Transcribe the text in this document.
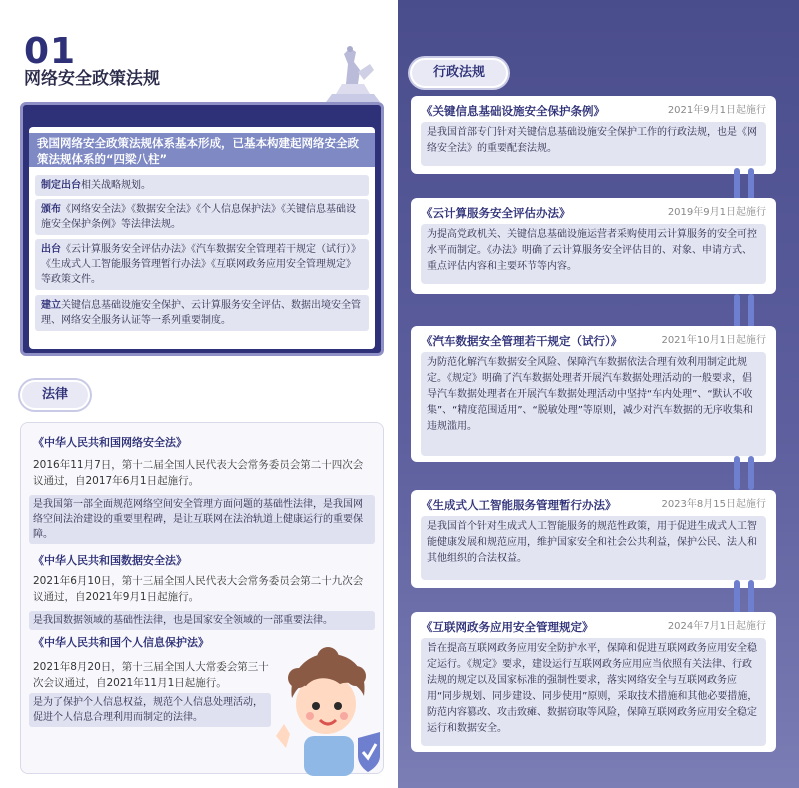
01
网络安全政策法规
我国网络安全政策法规体系基本形成，已基本构建起网络安全政策法规体系的“四梁八柱”
制定出台相关战略规划。
颁布《网络安全法》《数据安全法》《个人信息保护法》《关键信息基础设施安全保护条例》等法律法规。
出台《云计算服务安全评估办法》《汽车数据安全管理若干规定（试行）》《生成式人工智能服务管理暂行办法》《互联网政务应用安全管理规定》等政策文件。
建立关键信息基础设施安全保护、云计算服务安全评估、数据出境安全管理、网络安全服务认证等一系列重要制度。
法律
《中华人民共和国网络安全法》
2016年11月7日，第十二届全国人民代表大会常务委员会第二十四次会议通过，自2017年6月1日起施行。
是我国第一部全面规范网络空间安全管理方面问题的基础性法律，是我国网络空间法治建设的重要里程碑，是让互联网在法治轨道上健康运行的重要保障。
《中华人民共和国数据安全法》
2021年6月10日，第十三届全国人民代表大会常务委员会第二十九次会议通过，自2021年9月1日起施行。
是我国数据领域的基础性法律，也是国家安全领域的一部重要法律。
《中华人民共和国个人信息保护法》
2021年8月20日，第十三届全国人大常委会第三十次会议通过，自2021年11月1日起施行。
是为了保护个人信息权益，规范个人信息处理活动，促进个人信息合理利用而制定的法律。
行政法规
《关键信息基础设施安全保护条例》	2021年9月1日起施行
是我国首部专门针对关键信息基础设施安全保护工作的行政法规，也是《网络安全法》的重要配套法规。
《云计算服务安全评估办法》	2019年9月1日起施行
为提高党政机关、关键信息基础设施运营者采购使用云计算服务的安全可控水平而制定。《办法》明确了云计算服务安全评估目的、对象、申请方式、重点评估内容和主要环节等内容。
《汽车数据安全管理若干规定（试行）》	2021年10月1日起施行
为防范化解汽车数据安全风险、保障汽车数据依法合理有效利用制定此规定。《规定》明确了汽车数据处理者开展汽车数据处理活动的一般要求，倡导汽车数据处理者在开展汽车数据处理活动中坚持“车内处理”、“默认不收集”、“精度范围适用”、“脱敏处理”等原则，减少对汽车数据的无序收集和违规滥用。
《生成式人工智能服务管理暂行办法》	2023年8月15日起施行
是我国首个针对生成式人工智能服务的规范性政策，用于促进生成式人工智能健康发展和规范应用，维护国家安全和社会公共利益，保护公民、法人和其他组织的合法权益。
《互联网政务应用安全管理规定》	2024年7月1日起施行
旨在提高互联网政务应用安全防护水平，保障和促进互联网政务应用安全稳定运行。《规定》要求，建设运行互联网政务应用应当依照有关法律、行政法规的规定以及国家标准的强制性要求，落实网络安全与互联网政务应用“同步规划、同步建设、同步使用”原则，采取技术措施和其他必要措施，防范内容篡改、攻击致瘫、数据窃取等风险，保障互联网政务应用安全稳定运行和数据安全。
